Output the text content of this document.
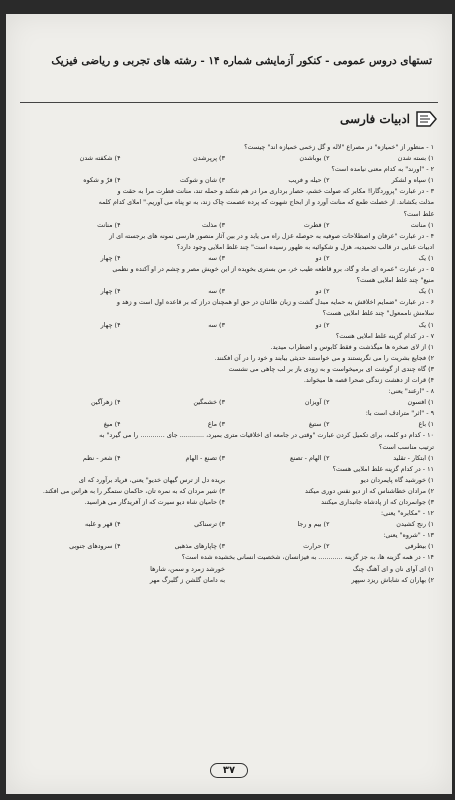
تستهای دروس عمومی - کنکور آزمایشی شماره ۱۴ - رشته های تجربی و ریاضی فیزیک
ادبیات فارسی
۱ - منظور از "خمیازه" در مصراع "لاله و گل زخمی خمیازه اند" چیست؟
۱) بسته شدن
۲) بوباشدن
۳) پرپرشدن
۴) شکفته شدن
۲ - "اورند" به کدام معنی نیامده است؟
۱) سپاه و لشکر
۲) حیله و فریب
۳) شان و شوکت
۴) فرّ و شکوه
۳ - در عبارت "پروردگارا! مکابر که صولت خشم، حصار برداری مرا در هم شکند و حمله تند، منانت فطرت مرا به حقت و
مذلت بکشاند. از خصلت طمع که منانت آورد و از ابحاج شهوت که پرده عصمت چاک زند، به تو پناه می آوریم." املای کدام کلمه
غلط است؟
۱) منانت
۲) فطرت
۳) مذلت
۴) منانت
۴ - در عبارت "عرفان و اصطلاحات صوفیه به حوصله غزل راه می یابد و در بین آثار منصور فارسی نمونه های برجسته ای از
ادبیات غنایی در قالب تحمیدیه، هزل و شکوائیه به ظهور رسیده است" چند غلط املایی وجود دارد؟
۱) یک
۲) دو
۳) سه
۴) چهار
۵ - در عبارت "عمره ای ماد و گاد، برو قاطعه طیب خر، من بستری بخویده از این خویش مصر و چشم در او آکنده و نظمی
منیع" چند غلط املایی هست؟
۱) یک
۲) دو
۳) سه
۴) چهار
۶ - در عبارت "ضمایم اخلاقش به حمایه مبدل گشت و زبان طائنان در حق او همچنان دراز که بر قاعده اول است و زهد و
سلامش ناممعول" چند غلط املایی هست؟
۱) یک
۲) دو
۳) سه
۴) چهار
۷ - در کدام گزینه غلط املایی هست؟
۱) از لای صخره ها میگذشت و فقط کابوس و اضطراب میدید.
۲) فجایع بشریت را می نگریستند و می خواستند حدیثی بیابند و خود را در آن افکنند.
۳) گاه چندی از گوشت ای برمیخواست و به زودی باز بر لب چاهی می نشست
۴) قرات از دهشت زندگی صحرا قصه ها میخواند.
۸ - "ارغند" یعنی:
۱) افسون
۲) آویزان
۳) خشمگین
۴) زهرآگین
۹ - "اثر" مترادف است با:
۱) باغ
۲) ستیغ
۳) ماغ
۴) میغ
۱۰ - کدام دو کلمه، برای تکمیل کردن عبارت "وقتی در جامعه ای اخلاقیات متری بمیرد، ............ جای ............ را می گیرد" به
ترتیب مناسب است؟
۱) ابتکار - تقلید
۲) الهام - تصنع
۳) تصنع - الهام
۴) شعر - نظم
۱۱ - در کدام گزینه غلط املایی هست؟
۱) خورشید گاه پایمردان دیو
بریده دل از ترس گیهان خدیو" یعنی، فریاد برآورد که ای
۲) مرادان خطاشناس که از دیو نفس دوری میکند
۳) شیر مردان که به نمره تان، حاکمان ستمگر را به هراس می افکند.
۳) جوانمردان که از پادشاه جانبداری میکنند
۴) حامیان شاه دیو سیرت که از آفریدگار می هراسید.
۱۲ - "مکابره" یعنی:
۱) رنج کشیدن
۲) بیم و رجا
۳) ترسناکی
۴) قهر و غلبه
۱۳ - "شروه" یعنی:
۱) بیطرفی
۲) حرارت
۳) چاپارهای مذهبی
۴) سرودهای جنوبی
۱۴ - در همه گزینه ها، به جز گزینه ............ به فیزانسان، شخصیت انسانی بخشیده شده است؟
۱) ای آوای نان و ای آهنگ چنگ
خورشد زمرد و سمن، شارها
۲) بهاران که شاباش ریزد سپهر
به دامان گلشن ز گلبرگ مهر
۳۷
